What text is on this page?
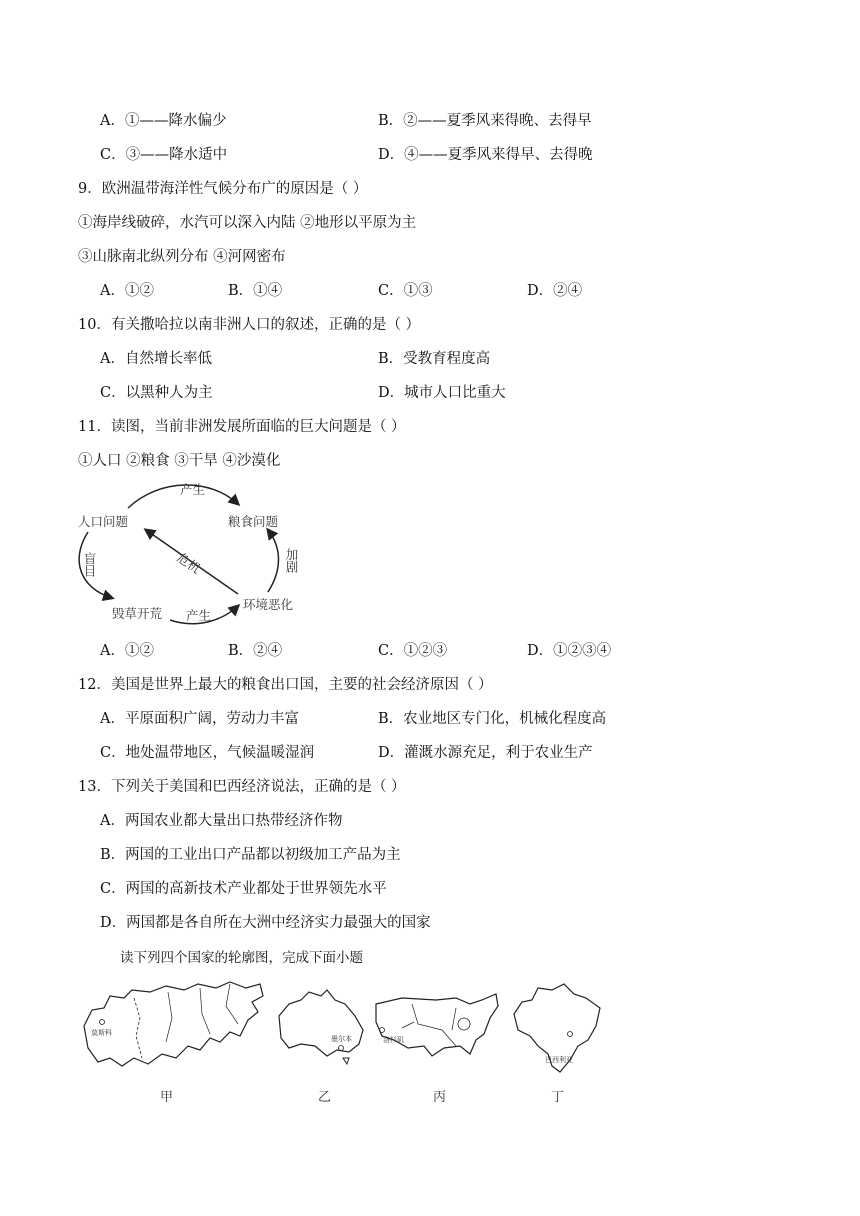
A．①——降水偏少	B．②——夏季风来得晚、去得早
C．③——降水适中	D．④——夏季风来得早、去得晚
9．欧洲温带海洋性气候分布广的原因是（ ）
①海岸线破碎，水汽可以深入内陆 ②地形以平原为主
③山脉南北纵列分布 ④河网密布
A．①②	B．①④	C．①③	D．②④
10．有关撒哈拉以南非洲人口的叙述，正确的是（ ）
A．自然增长率低	B．受教育程度高
C．以黑种人为主	D．城市人口比重大
11．读图，当前非洲发展所面临的巨大问题是（ ）
①人口 ②粮食 ③干旱 ④沙漠化
人口问题	粮食问题
环境恶化
毁草开荒
产生
产生
盲目	加剧
危机
A．①②	B．②④	C．①②③	D．①②③④
12．美国是世界上最大的粮食出口国，主要的社会经济原因（ ）
A．平原面积广阔，劳动力丰富	B．农业地区专门化，机械化程度高
C．地处温带地区，气候温暖湿润	D．灌溉水源充足，利于农业生产
13．下列关于美国和巴西经济说法，正确的是（ ）
A．两国农业都大量出口热带经济作物
B．两国的工业出口产品都以初级加工产品为主
C．两国的高新技术产业都处于世界领先水平
D．两国都是各自所在大洲中经济实力最强大的国家
读下列四个国家的轮廓图，完成下面小题
莫斯科
甲
墨尔本
乙
洛杉矶
丙
巴西利亚
丁
